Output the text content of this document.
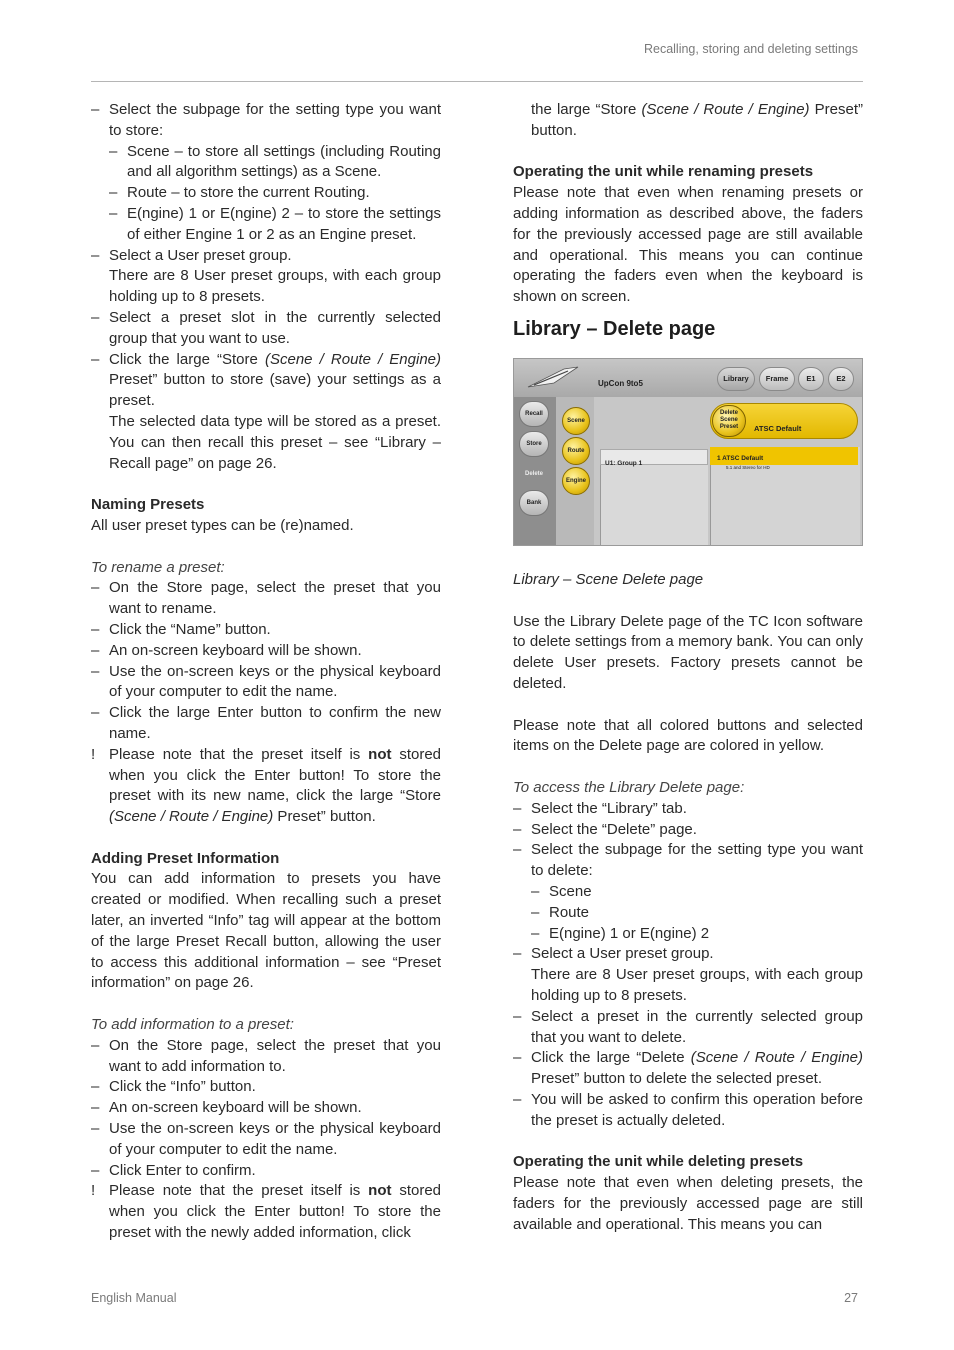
Recalling, storing and deleting settings
– Select the subpage for the setting type you want to store:
– Scene – to store all settings (including Routing and all algorithm settings) as a Scene.
– Route – to store the current Routing.
– E(ngine) 1 or E(ngine) 2 – to store the settings of either Engine 1 or 2 as an Engine preset.
– Select a User preset group.
There are 8 User preset groups, with each group holding up to 8 presets.
– Select a preset slot in the currently selected group that you want to use.
– Click the large “Store (Scene / Route / Engine) Preset” button to store (save) your settings as a preset.
The selected data type will be stored as a preset. You can then recall this preset – see “Library – Recall page” on page 26.
Naming Presets

All user preset types can be (re)named.

To rename a preset:
– On the Store page, select the preset that you want to rename.
– Click the “Name” button.
– An on-screen keyboard will be shown.
– Use the on-screen keys or the physical keyboard of your computer to edit the name.
– Click the large Enter button to confirm the new name.
! Please note that the preset itself is not stored when you click the Enter button! To store the preset with its new name, click the large “Store (Scene / Route / Engine) Preset” button.
Adding Preset Information

You can add information to presets you have created or modified. When recalling such a preset later, an inverted “Info” tag will appear at the bottom of the large Preset Recall button, allowing the user to access this additional information – see “Preset information” on page 26.

To add information to a preset:
– On the Store page, select the preset that you want to add information to.
– Click the “Info” button.
– An on-screen keyboard will be shown.
– Use the on-screen keys or the physical keyboard of your computer to edit the name.
– Click Enter to confirm.
! Please note that the preset itself is not stored when you click the Enter button! To store the preset with the newly added information, click
the large “Store (Scene / Route / Engine) Preset” button.
Operating the unit while renaming presets

Please note that even when renaming presets or adding information as described above, the faders for the previously accessed page are still available and operational. This means you can continue operating the faders even when the keyboard is shown on screen.

Library – Delete page
UpCon 9to5
Library	Frame	E1	E2
Recall
Store
Delete
Bank
Scene
Route
Engine
Delete Scene Preset	ATSC Default
U1: Group 1
1 ATSC Default
5.1 and Stereo for HD
Library – Scene Delete page

Use the Library Delete page of the TC Icon software to delete settings from a memory bank. You can only delete User presets. Factory presets cannot be deleted.

Please note that all colored buttons and selected items on the Delete page are colored in yellow.

To access the Library Delete page:
– Select the “Library” tab.
– Select the “Delete” page.
– Select the subpage for the setting type you want to delete:
– Scene
– Route
– E(ngine) 1 or E(ngine) 2
– Select a User preset group.
There are 8 User preset groups, with each group holding up to 8 presets.
– Select a preset in the currently selected group that you want to delete.
– Click the large “Delete (Scene / Route / Engine) Preset” button to delete the selected preset.
– You will be asked to confirm this operation before the preset is actually deleted.
Operating the unit while deleting presets

Please note that even when deleting presets, the faders for the previously accessed page are still available and operational. This means you can

English Manual	27
